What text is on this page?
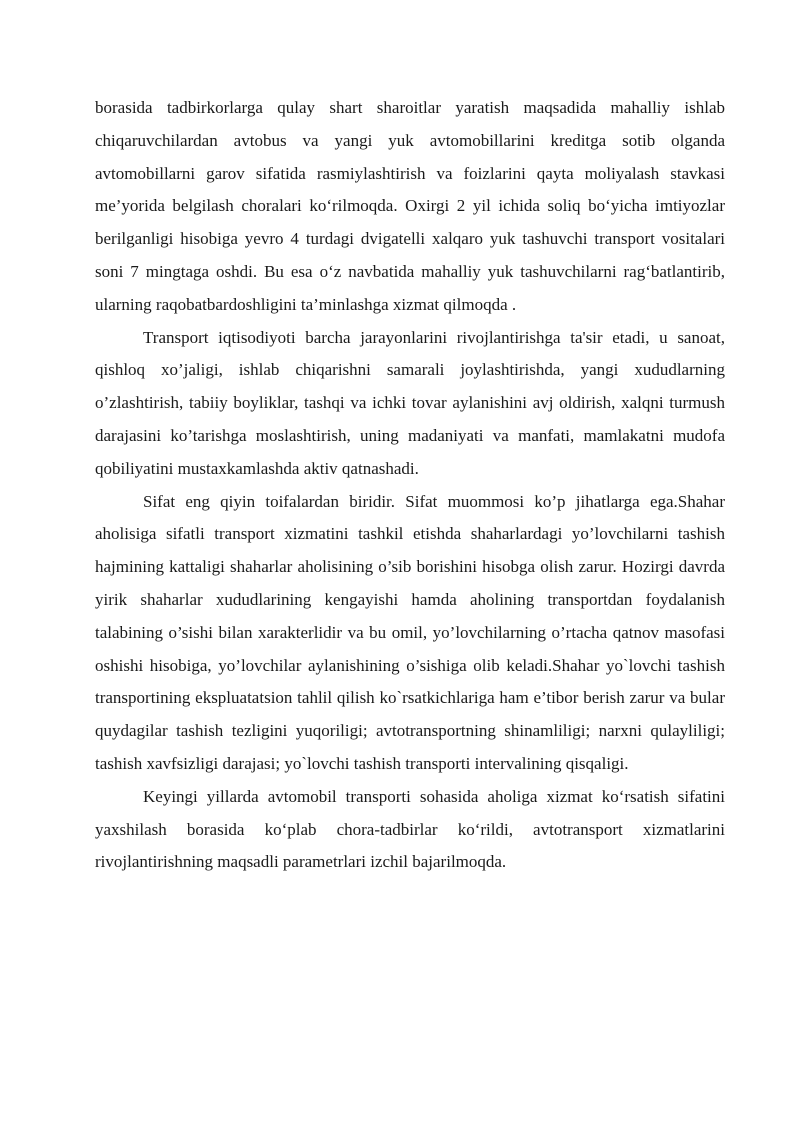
borasida tadbirkorlarga qulay shart sharoitlar yaratish maqsadida mahalliy ishlab chiqaruvchilardan avtobus va yangi yuk avtomobillarini kreditga sotib olganda avtomobillarni garov sifatida rasmiylashtirish va foizlarini qayta moliyalash stavkasi me’yorida belgilash choralari ko‘rilmoqda. Oxirgi 2 yil ichida soliq bo‘yicha imtiyozlar berilganligi hisobiga yevro 4 turdagi dvigatelli xalqaro yuk tashuvchi transport vositalari soni 7 mingtaga oshdi. Bu esa o‘z navbatida mahalliy yuk tashuvchilarni rag‘batlantirib, ularning raqobatbardoshligini ta’minlashga xizmat qilmoqda .

Transport iqtisodiyoti barcha jarayonlarini rivojlantirishga ta'sir etadi, u sanoat, qishloq xo’jaligi, ishlab chiqarishni samarali joylashtirishda, yangi xududlarning o’zlashtirish, tabiiy boyliklar, tashqi va ichki tovar aylanishini avj oldirish, xalqni turmush darajasini ko’tarishga moslashtirish, uning madaniyati va manfati, mamlakatni mudofa qobiliyatini mustaxkamlashda aktiv qatnashadi.

Sifat eng qiyin toifalardan biridir. Sifat muommosi ko’p jihatlarga ega.Shahar aholisiga sifatli transport xizmatini tashkil etishda shaharlardagi yo’lovchilarni tashish hajmining kattaligi shaharlar aholisining o’sib borishini hisobga olish zarur. Hozirgi davrda yirik shaharlar xududlarining kengayishi hamda aholining transportdan foydalanish talabining o’sishi bilan xarakterlidir va bu omil, yo’lovchilarning o’rtacha qatnov masofasi oshishi hisobiga, yo’lovchilar aylanishining o’sishiga olib keladi.Shahar yo`lovchi tashish transportining ekspluatatsion tahlil qilish ko`rsatkichlariga ham e’tibor berish zarur va bular quydagilar tashish tezligini yuqoriligi; avtotransportning shinamliligi; narxni qulayliligi; tashish xavfsizligi darajasi; yo`lovchi tashish transporti intervalining qisqaligi.

Keyingi yillarda avtomobil transporti sohasida aholiga xizmat ko‘rsatish sifatini yaxshilash borasida ko‘plab chora-tadbirlar ko‘rildi, avtotransport xizmatlarini rivojlantirishning maqsadli parametrlari izchil bajarilmoqda.
